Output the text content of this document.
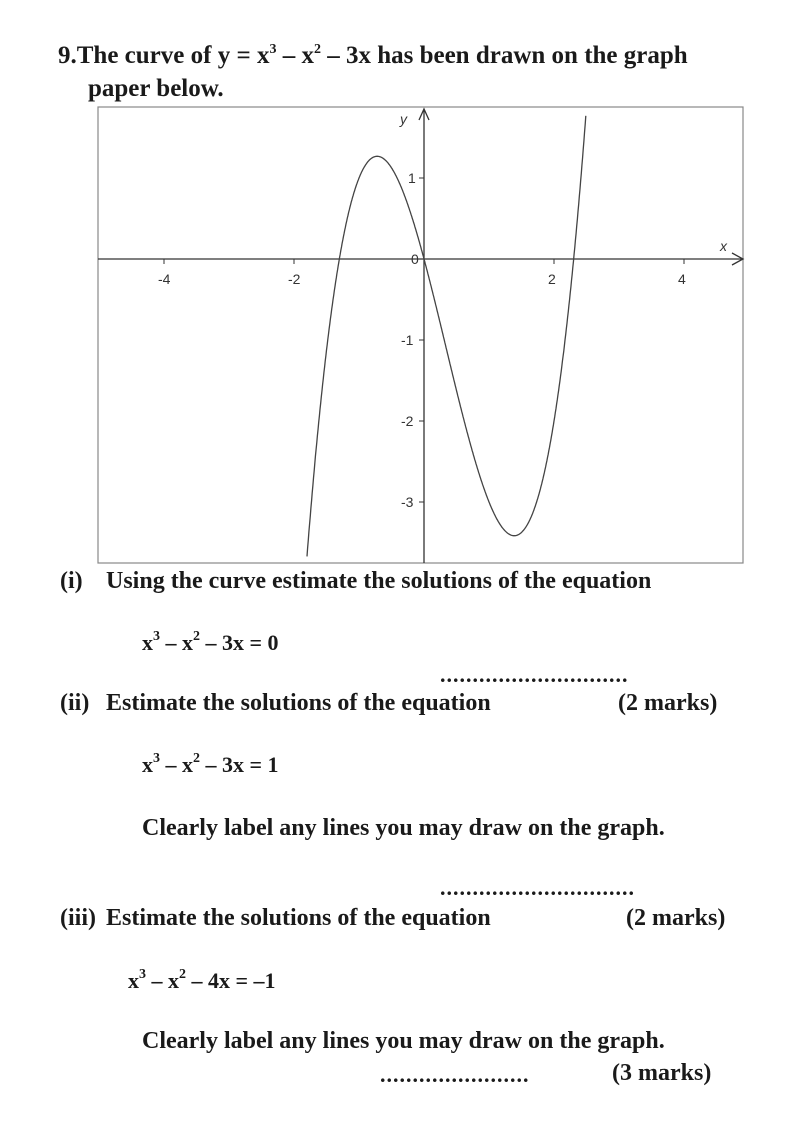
9.The curve of $y = x^3 - x^2 - 3x$ has been drawn on the graph
paper below.
x
y
-4	-2	2	4
1
-1
-2
-3
0
(i) Using the curve estimate the solutions of the equation
$x^3 - x^2 - 3x = 0$
.............................
(2 marks)
(ii) Estimate the solutions of the equation
$x^3 - x^2 - 3x = 1$
Clearly label any lines you may draw on the graph.
..............................
(2 marks)
(iii) Estimate the solutions of the equation
$x^3 - x^2 - 4x = -1$
Clearly label any lines you may draw on the graph.
.......................	(3 marks)
